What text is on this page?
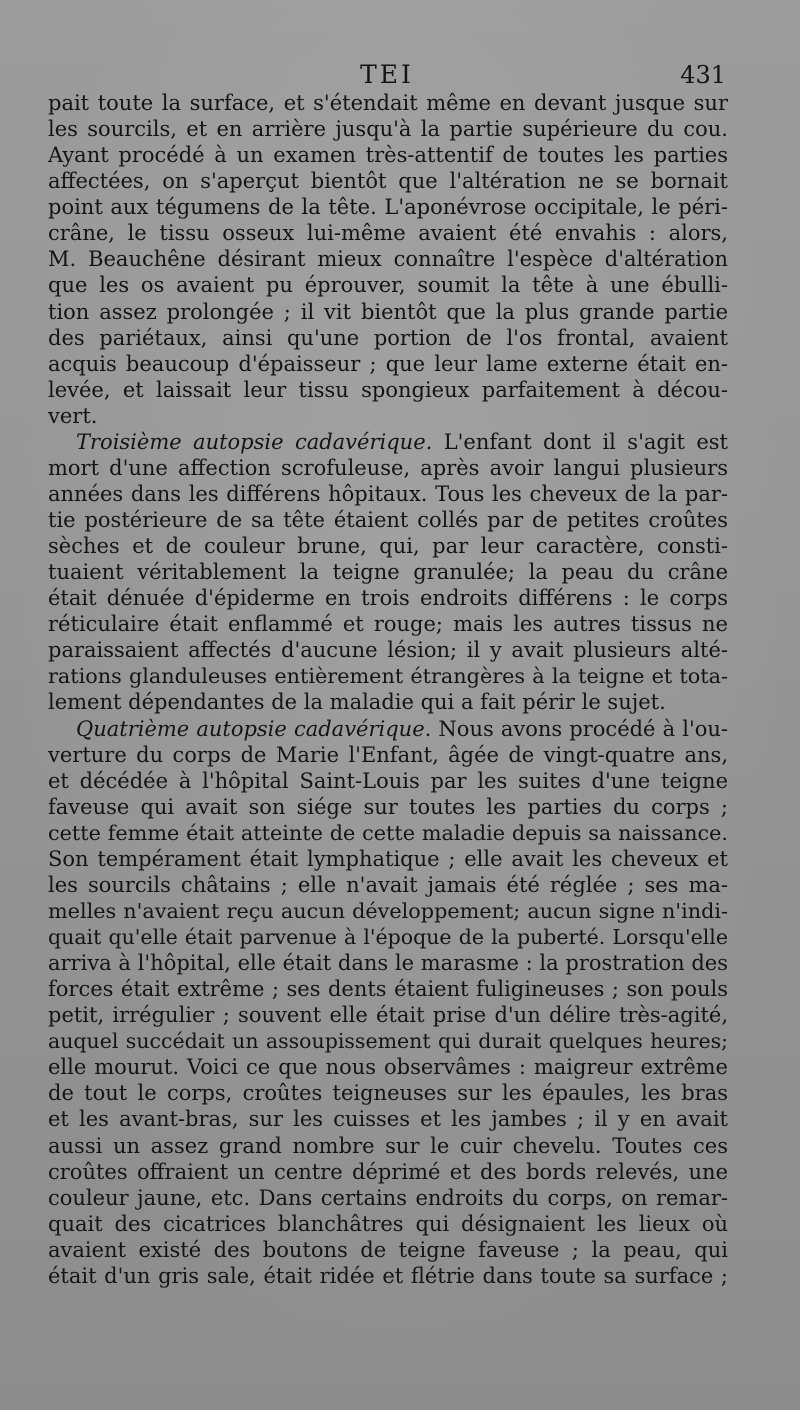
TEI	431
pait toute la surface, et s'étendait même en devant jusque sur
les sourcils, et en arrière jusqu'à la partie supérieure du cou.
Ayant procédé à un examen très-attentif de toutes les parties
affectées, on s'aperçut bientôt que l'altération ne se bornait
point aux tégumens de la tête. L'aponévrose occipitale, le péri-
crâne, le tissu osseux lui-même avaient été envahis : alors,
M. Beauchêne désirant mieux connaître l'espèce d'altération
que les os avaient pu éprouver, soumit la tête à une ébulli-
tion assez prolongée ; il vit bientôt que la plus grande partie
des pariétaux, ainsi qu'une portion de l'os frontal, avaient
acquis beaucoup d'épaisseur ; que leur lame externe était en-
levée, et laissait leur tissu spongieux parfaitement à décou-
vert.
Troisième autopsie cadavérique. L'enfant dont il s'agit est
mort d'une affection scrofuleuse, après avoir langui plusieurs
années dans les différens hôpitaux. Tous les cheveux de la par-
tie postérieure de sa tête étaient collés par de petites croûtes
sèches et de couleur brune, qui, par leur caractère, consti-
tuaient véritablement la teigne granulée; la peau du crâne
était dénuée d'épiderme en trois endroits différens : le corps
réticulaire était enflammé et rouge; mais les autres tissus ne
paraissaient affectés d'aucune lésion; il y avait plusieurs alté-
rations glanduleuses entièrement étrangères à la teigne et tota-
lement dépendantes de la maladie qui a fait périr le sujet.
Quatrième autopsie cadavérique. Nous avons procédé à l'ou-
verture du corps de Marie l'Enfant, âgée de vingt-quatre ans,
et décédée à l'hôpital Saint-Louis par les suites d'une teigne
faveuse qui avait son siége sur toutes les parties du corps ;
cette femme était atteinte de cette maladie depuis sa naissance.
Son tempérament était lymphatique ; elle avait les cheveux et
les sourcils châtains ; elle n'avait jamais été réglée ; ses ma-
melles n'avaient reçu aucun développement; aucun signe n'indi-
quait qu'elle était parvenue à l'époque de la puberté. Lorsqu'elle
arriva à l'hôpital, elle était dans le marasme : la prostration des
forces était extrême ; ses dents étaient fuligineuses ; son pouls
petit, irrégulier ; souvent elle était prise d'un délire très-agité,
auquel succédait un assoupissement qui durait quelques heures;
elle mourut. Voici ce que nous observâmes : maigreur extrême
de tout le corps, croûtes teigneuses sur les épaules, les bras
et les avant-bras, sur les cuisses et les jambes ; il y en avait
aussi un assez grand nombre sur le cuir chevelu. Toutes ces
croûtes offraient un centre déprimé et des bords relevés, une
couleur jaune, etc. Dans certains endroits du corps, on remar-
quait des cicatrices blanchâtres qui désignaient les lieux où
avaient existé des boutons de teigne faveuse ; la peau, qui
était d'un gris sale, était ridée et flétrie dans toute sa surface ;
